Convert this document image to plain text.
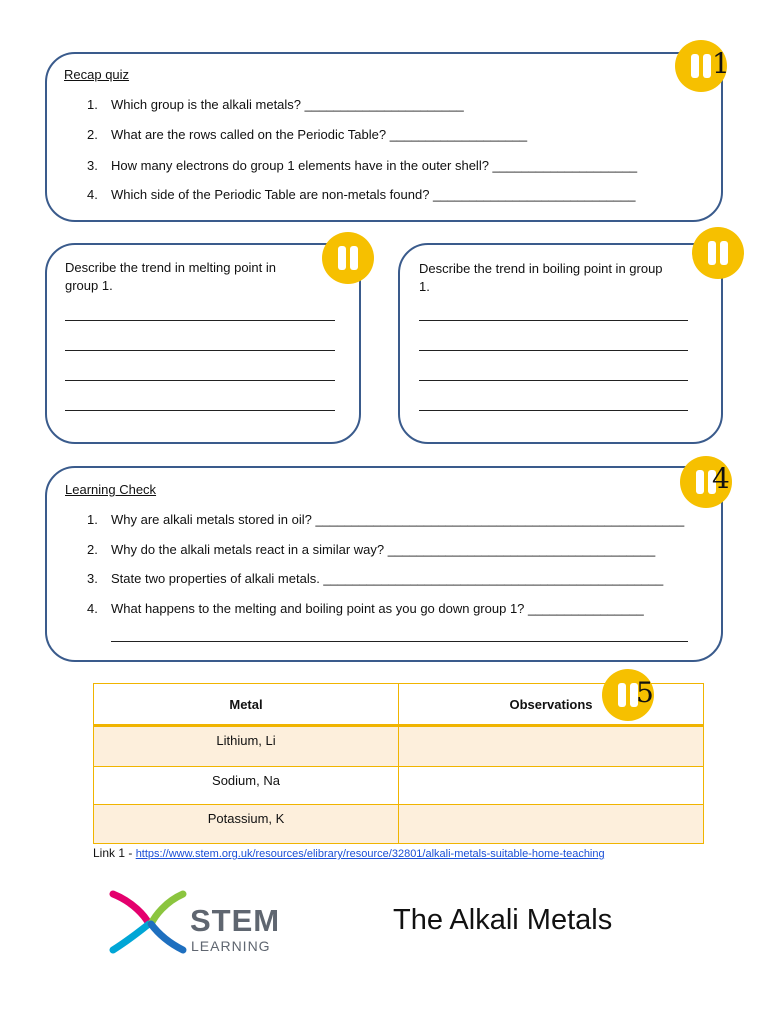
Recap quiz
1. Which group is the alkali metals? ______________________
2. What are the rows called on the Periodic Table? ___________________
3. How many electrons do group 1 elements have in the outer shell? ____________________
4. Which side of the Periodic Table are non-metals found? ____________________________
1
Describe the trend in melting point in
group 1.
Describe the trend in boiling point in group
1.
Learning Check
1. Why are alkali metals stored in oil? ___________________________________________________
2. Why do the alkali metals react in a similar way? _____________________________________
3. State two properties of alkali metals. _______________________________________________
4. What happens to the melting and boiling point as you go down group 1? ________________
4
Metal	Observations
Lithium, Li	
Sodium, Na	
Potassium, K	
5
Link 1 - https://www.stem.org.uk/resources/elibrary/resource/32801/alkali-metals-suitable-home-teaching
STEM
LEARNING
The Alkali Metals
